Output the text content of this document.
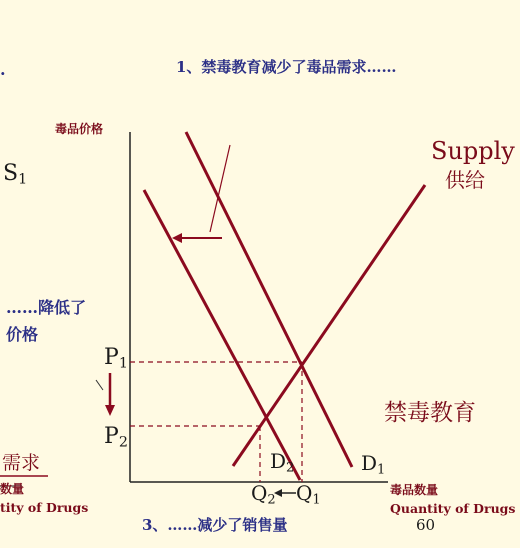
1、禁毒教育减少了毒品需求……
.
$S_1$
……降低了
价格
需求
数量
tity of Drugs
毒品价格
毒品数量
Quantity of Drugs
Supply
供给
禁毒教育
$P_1$
$P_2$
$D_2$	$D_1$
$Q_2$ $Q_1$
3、……减少了销售量	60
